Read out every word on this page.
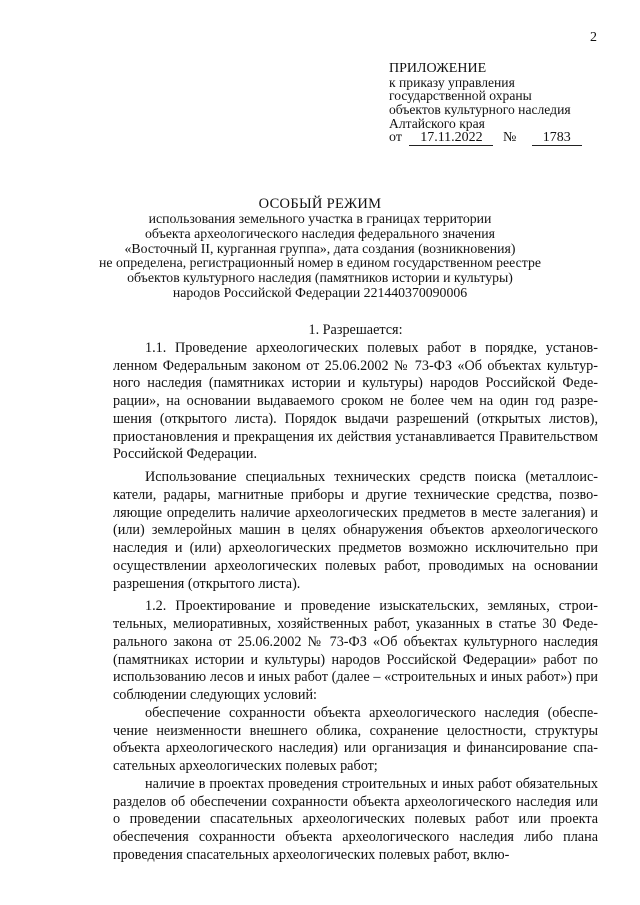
2
ПРИЛОЖЕНИЕ
к приказу управления
государственной охраны
объектов культурного наследия
Алтайского края
от 17.11.2022 № 1783
ОСОБЫЙ РЕЖИМ
использования земельного участка в границах территории
объекта археологического наследия федерального значения
«Восточный II, курганная группа», дата создания (возникновения)
не определена, регистрационный номер в едином государственном реестре
объектов культурного наследия (памятников истории и культуры)
народов Российской Федерации 221440370090006

1. Разрешается:

1.1. Проведение археологических полевых работ в порядке, установленном Федеральным законом от 25.06.2002 № 73-ФЗ «Об объектах культурного наследия (памятниках истории и культуры) народов Российской Федерации», на основании выдаваемого сроком не более чем на один год разрешения (открытого листа). Порядок выдачи разрешений (открытых листов), приостановления и прекращения их действия устанавливается Правительством Российской Федерации.

Использование специальных технических средств поиска (металлоискатели, радары, магнитные приборы и другие технические средства, позволяющие определить наличие археологических предметов в месте залегания) и (или) землеройных машин в целях обнаружения объектов археологического наследия и (или) археологических предметов возможно исключительно при осуществлении археологических полевых работ, проводимых на основании разрешения (открытого листа).

1.2. Проектирование и проведение изыскательских, земляных, строительных, мелиоративных, хозяйственных работ, указанных в статье 30 Федерального закона от 25.06.2002 № 73-ФЗ «Об объектах культурного наследия (памятниках истории и культуры) народов Российской Федерации» работ по использованию лесов и иных работ (далее – «строительных и иных работ») при соблюдении следующих условий:

обеспечение сохранности объекта археологического наследия (обеспечение неизменности внешнего облика, сохранение целостности, структуры объекта археологического наследия) или организация и финансирование спасательных археологических полевых работ;

наличие в проектах проведения строительных и иных работ обязательных разделов об обеспечении сохранности объекта археологического наследия или о проведении спасательных археологических полевых работ или проекта обеспечения сохранности объекта археологического наследия либо плана проведения спасательных археологических полевых работ, вклю-
